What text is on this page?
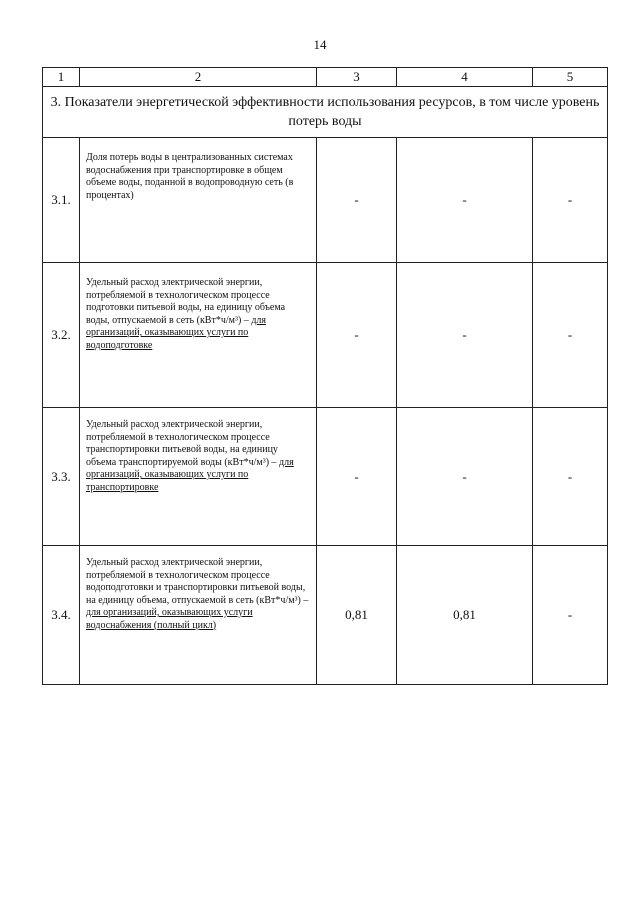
14
1	2	3	4	5
3. Показатели энергетической эффективности использования ресурсов, в том числе уровень потерь воды				
3.1.	Доля потерь воды в централизованных системах водоснабжения при транспортировке в общем объеме воды, поданной в водопроводную сеть (в процентах)	-	-	-
3.2.	Удельный расход электрической энергии, потребляемой в технологическом процессе подготовки питьевой воды, на единицу объема воды, отпускаемой в сеть (кВт*ч/м³) – для организаций, оказывающих услуги по водоподготовке	-	-	-
3.3.	Удельный расход электрической энергии, потребляемой в технологическом процессе транспортировки питьевой воды, на единицу объема транспортируемой воды (кВт*ч/м³) – для организаций, оказывающих услуги по транспортировке	-	-	-
3.4.	Удельный расход электрической энергии, потребляемой в технологическом процессе водоподготовки и транспортировки питьевой воды, на единицу объема, отпускаемой в сеть (кВт*ч/м³) – для организаций, оказывающих услуги водоснабжения (полный цикл)	0,81	0,81	-
